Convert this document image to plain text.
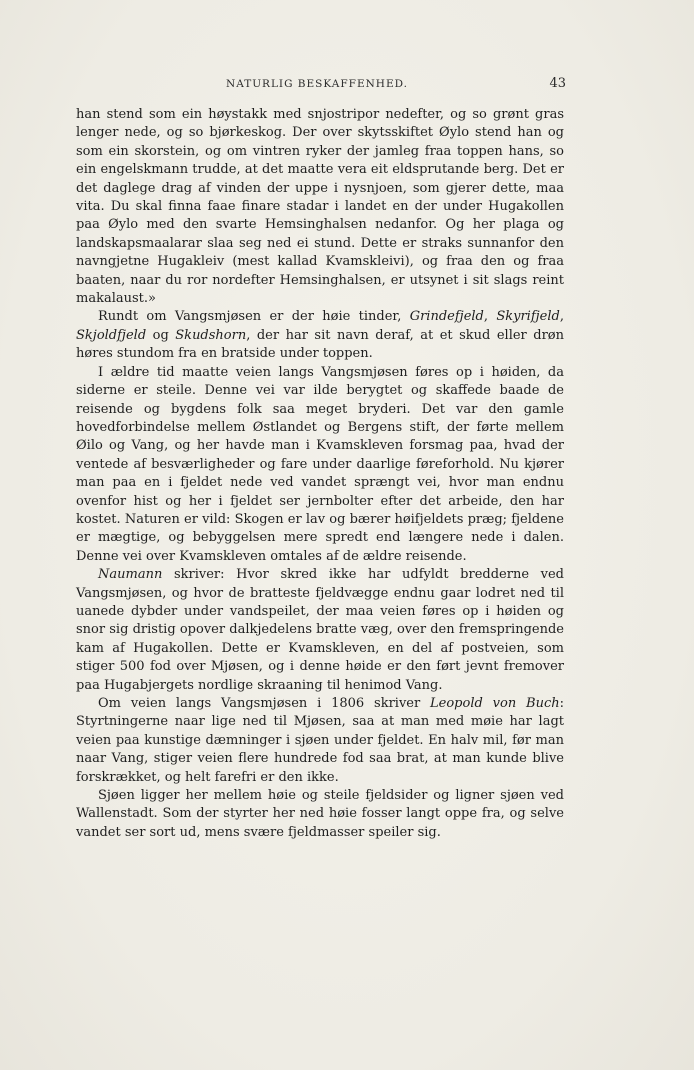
NATURLIG BESKAFFENHED.	43

han stend som ein høystakk med snjostripor nedefter, og so grønt gras lenger nede, og so bjørkeskog. Der over skytsskiftet Øylo stend han og som ein skorstein, og om vintren ryker der jamleg fraa toppen hans, so ein engelskmann trudde, at det maatte vera eit eldsprutande berg. Det er det daglege drag af vinden der uppe i nysnjoen, som gjerer dette, maa vita. Du skal finna faae finare stadar i landet en der under Hugakollen paa Øylo med den svarte Hemsinghalsen nedanfor. Og her plaga og landskapsmaalarar slaa seg ned ei stund. Dette er straks sunnanfor den navngjetne Hugakleiv (mest kallad Kvamskleivi), og fraa den og fraa baaten, naar du ror nordefter Hemsinghalsen, er utsynet i sit slags reint makalaust.»

Rundt om Vangsmjøsen er der høie tinder, Grindefjeld, Skyrifjeld, Skjoldfjeld og Skudshorn, der har sit navn deraf, at et skud eller drøn høres stundom fra en bratside under toppen.

I ældre tid maatte veien langs Vangsmjøsen føres op i høiden, da siderne er steile. Denne vei var ilde berygtet og skaffede baade de reisende og bygdens folk saa meget bryderi. Det var den gamle hovedforbindelse mellem Østlandet og Bergens stift, der førte mellem Øilo og Vang, og her havde man i Kvamskleven forsmag paa, hvad der ventede af besværligheder og fare under daarlige føreforhold. Nu kjører man paa en i fjeldet nede ved vandet sprængt vei, hvor man endnu ovenfor hist og her i fjeldet ser jernbolter efter det arbeide, den har kostet. Naturen er vild: Skogen er lav og bærer høifjeldets præg; fjeldene er mægtige, og bebyggelsen mere spredt end længere nede i dalen. Denne vei over Kvamskleven omtales af de ældre reisende.

Naumann skriver: Hvor skred ikke har udfyldt bredderne ved Vangsmjøsen, og hvor de bratteste fjeldvægge endnu gaar lodret ned til uanede dybder under vandspeilet, der maa veien føres op i høiden og snor sig dristig opover dalkjedelens bratte væg, over den fremspringende kam af Hugakollen. Dette er Kvamskleven, en del af postveien, som stiger 500 fod over Mjøsen, og i denne høide er den ført jevnt fremover paa Hugabjergets nordlige skraaning til henimod Vang.

Om veien langs Vangsmjøsen i 1806 skriver Leopold von Buch: Styrtningerne naar lige ned til Mjøsen, saa at man med møie har lagt veien paa kunstige dæmninger i sjøen under fjeldet. En halv mil, før man naar Vang, stiger veien flere hundrede fod saa brat, at man kunde blive forskrækket, og helt farefri er den ikke.

Sjøen ligger her mellem høie og steile fjeldsider og ligner sjøen ved Wallenstadt. Som der styrter her ned høie fosser langt oppe fra, og selve vandet ser sort ud, mens svære fjeldmasser speiler sig.
